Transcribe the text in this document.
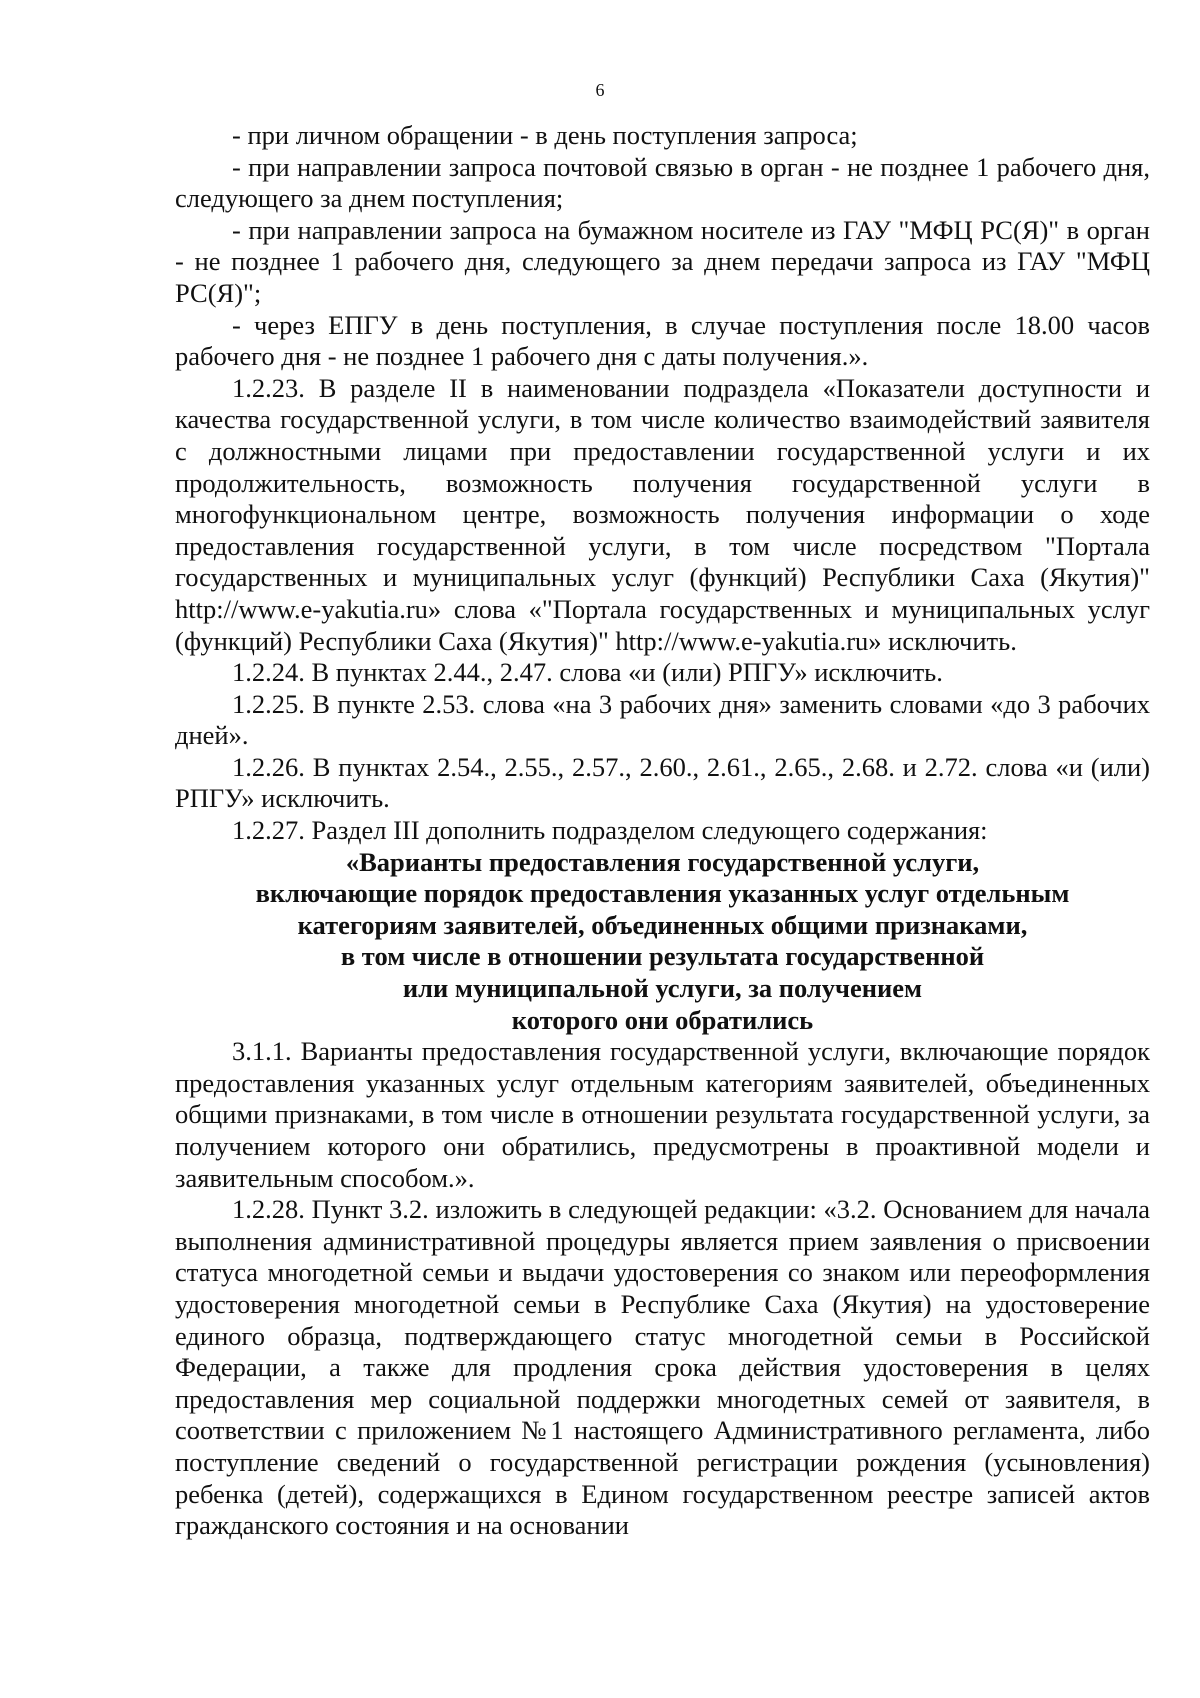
6

- при личном обращении - в день поступления запроса;

- при направлении запроса почтовой связью в орган - не позднее 1 рабочего дня, следующего за днем поступления;

- при направлении запроса на бумажном носителе из ГАУ "МФЦ РС(Я)" в орган - не позднее 1 рабочего дня, следующего за днем передачи запроса из ГАУ "МФЦ РС(Я)";

- через ЕПГУ в день поступления, в случае поступления после 18.00 часов рабочего дня - не позднее 1 рабочего дня с даты получения.».

1.2.23. В разделе II в наименовании подраздела «Показатели доступности и качества государственной услуги, в том числе количество взаимодействий заявителя с должностными лицами при предоставлении государственной услуги и их продолжительность, возможность получения государственной услуги в многофункциональном центре, возможность получения информации о ходе предоставления государственной услуги, в том числе посредством "Портала государственных и муниципальных услуг (функций) Республики Саха (Якутия)" http://www.e-yakutia.ru» слова «"Портала государственных и муниципальных услуг (функций) Республики Саха (Якутия)" http://www.e-yakutia.ru» исключить.

1.2.24. В пунктах 2.44., 2.47. слова «и (или) РПГУ» исключить.

1.2.25. В пункте 2.53. слова «на 3 рабочих дня» заменить словами «до 3 рабочих дней».

1.2.26. В пунктах 2.54., 2.55., 2.57., 2.60., 2.61., 2.65., 2.68. и 2.72. слова «и (или) РПГУ» исключить.

1.2.27. Раздел III дополнить подразделом следующего содержания:

«Варианты предоставления государственной услуги,
включающие порядок предоставления указанных услуг отдельным
категориям заявителей, объединенных общими признаками,
в том числе в отношении результата государственной
или муниципальной услуги, за получением
которого они обратились

3.1.1. Варианты предоставления государственной услуги, включающие порядок предоставления указанных услуг отдельным категориям заявителей, объединенных общими признаками, в том числе в отношении результата государственной услуги, за получением которого они обратились, предусмотрены в проактивной модели и заявительным способом.».

1.2.28. Пункт 3.2. изложить в следующей редакции: «3.2. Основанием для начала выполнения административной процедуры является прием заявления о присвоении статуса многодетной семьи и выдачи удостоверения со знаком или переоформления удостоверения многодетной семьи в Республике Саха (Якутия) на удостоверение единого образца, подтверждающего статус многодетной семьи в Российской Федерации, а также для продления срока действия удостоверения в целях предоставления мер социальной поддержки многодетных семей от заявителя, в соответствии с приложением №1 настоящего Административного регламента, либо поступление сведений о государственной регистрации рождения (усыновления) ребенка (детей), содержащихся в Едином государственном реестре записей актов гражданского состояния и на основании
